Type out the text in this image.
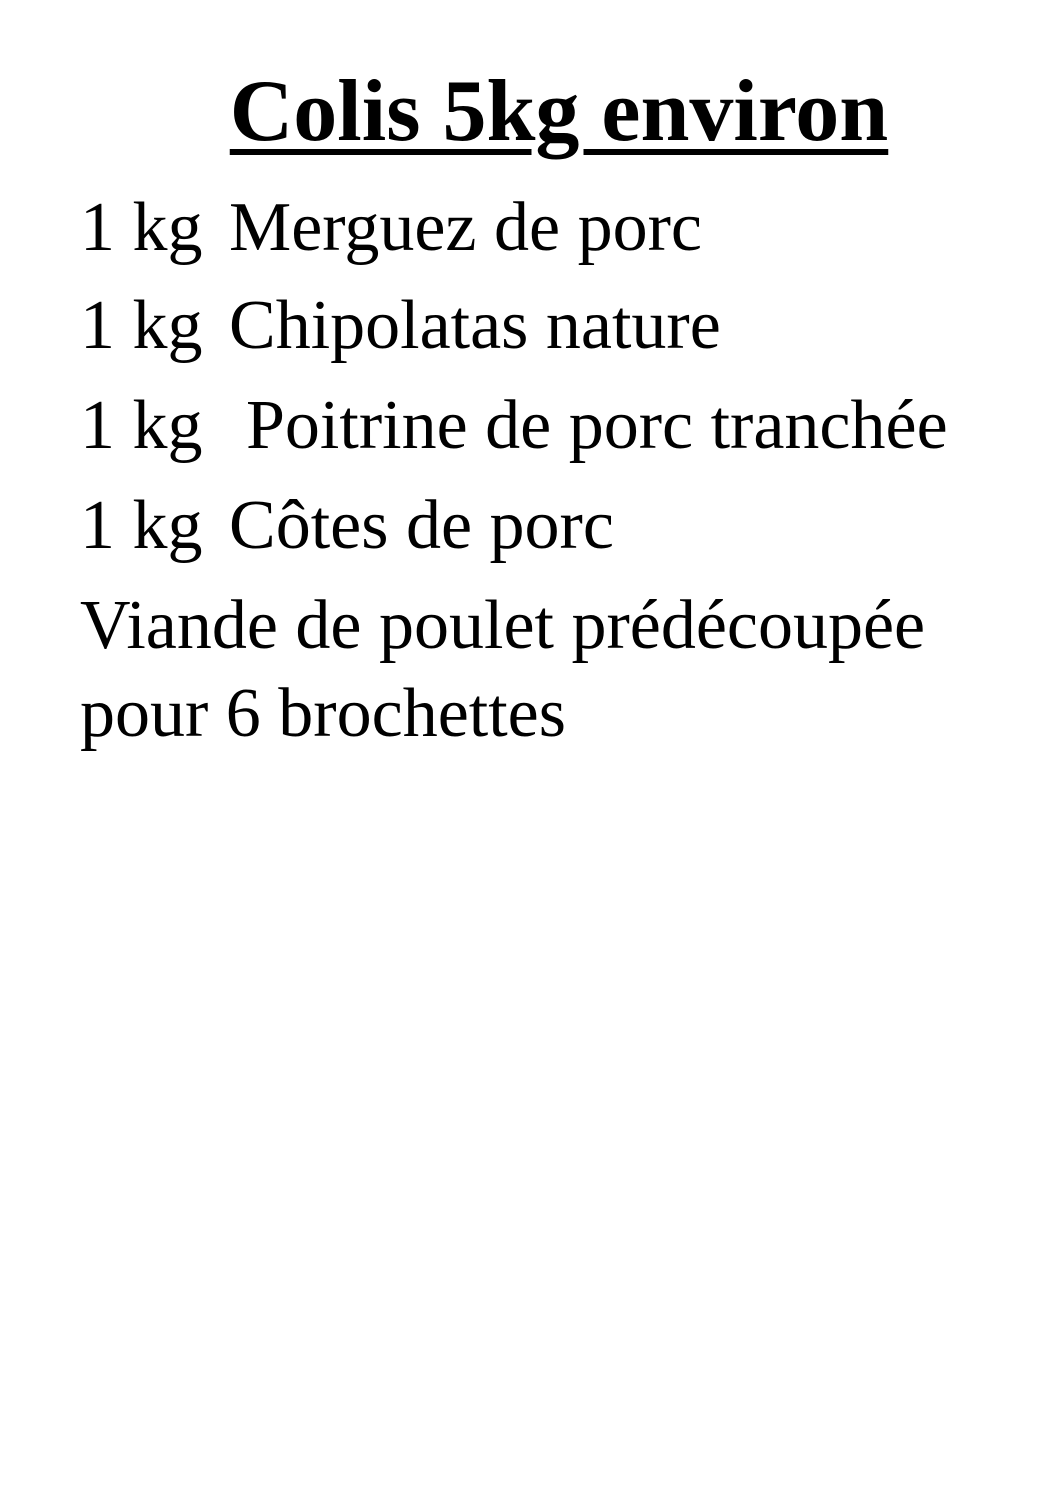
Colis 5kg environ

1 kg Merguez de porc

1 kg Chipolatas nature

1 kg Poitrine de porc tranchée

1 kg Côtes de porc

Viande de poulet prédécoupée

pour 6 brochettes
